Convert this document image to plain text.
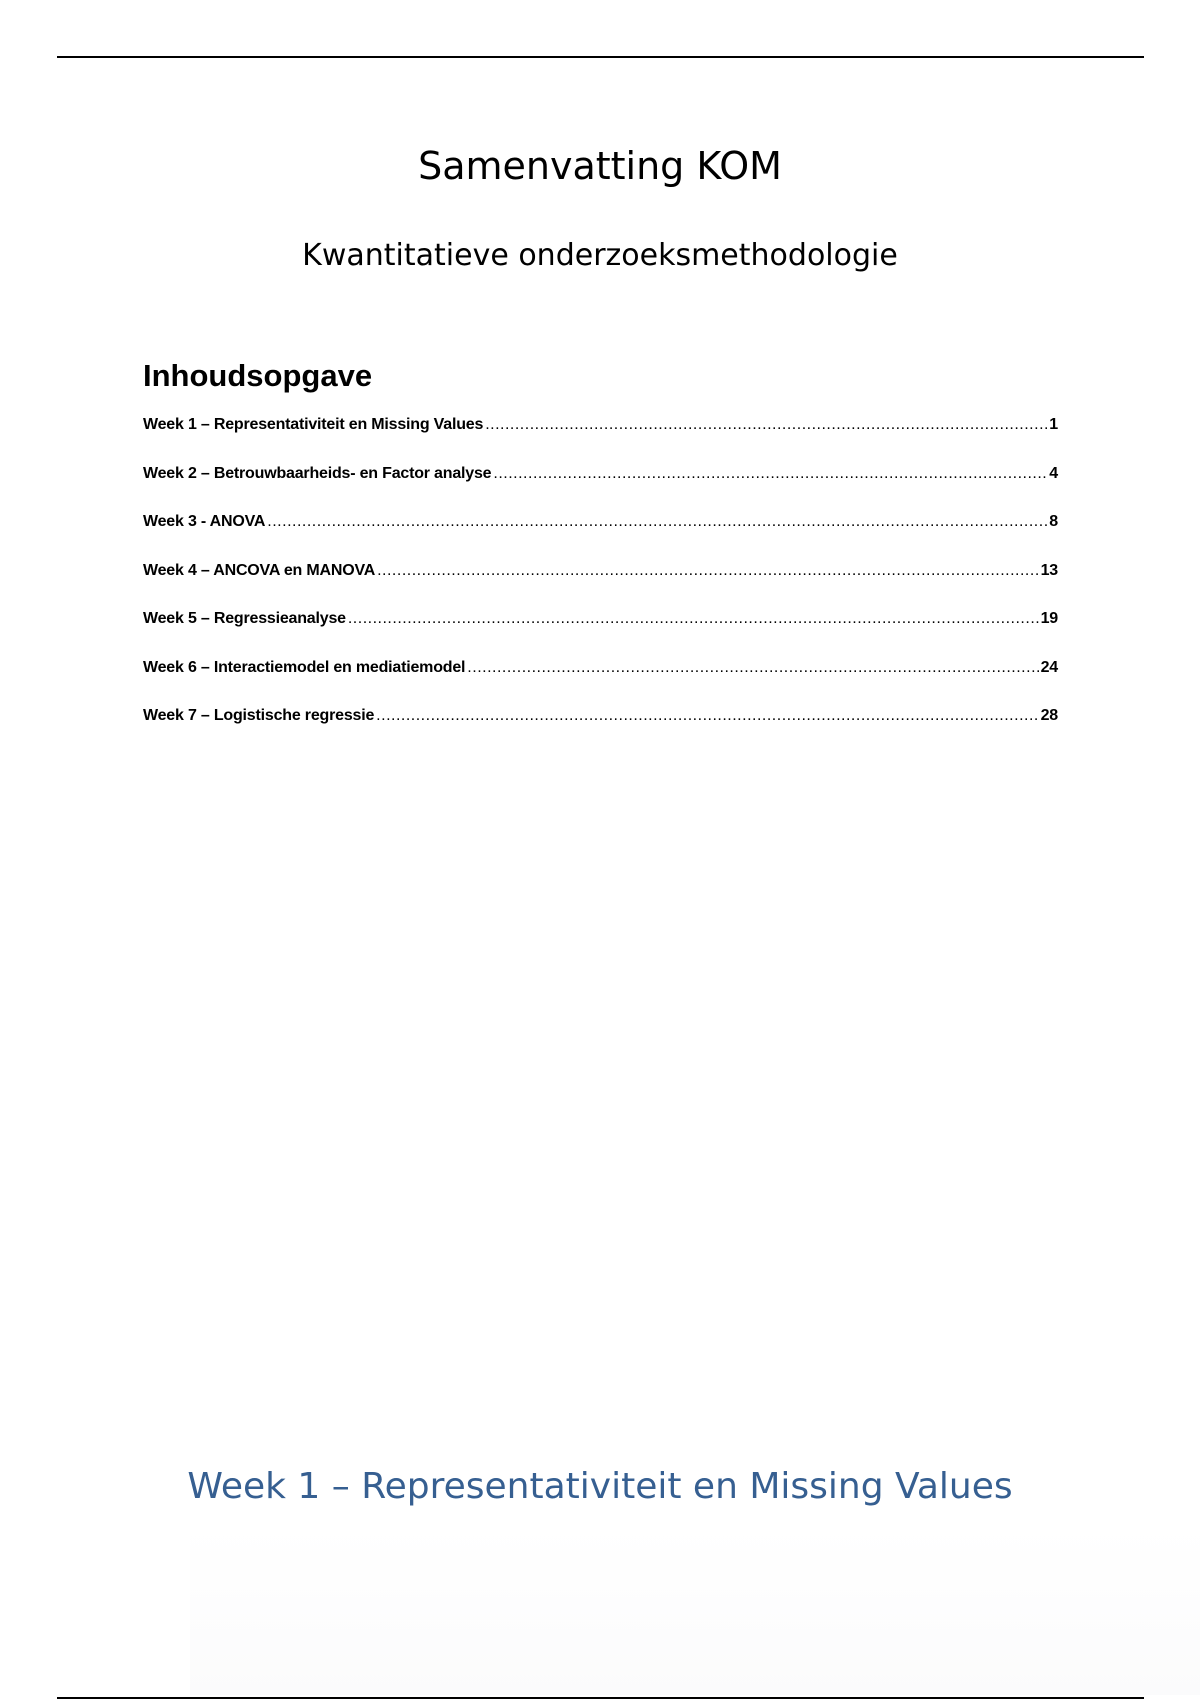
Samenvatting KOM
Kwantitatieve onderzoeksmethodologie
Inhoudsopgave
Week 1 – Representativiteit en Missing Values .....	1
Week 2 – Betrouwbaarheids- en Factor analyse .....	4
Week 3 - ANOVA .....	8
Week 4 – ANCOVA en MANOVA .....	13
Week 5 – Regressieanalyse .....	19
Week 6 – Interactiemodel en mediatiemodel .....	24
Week 7 – Logistische regressie .....	28
Week 1 – Representativiteit en Missing Values
